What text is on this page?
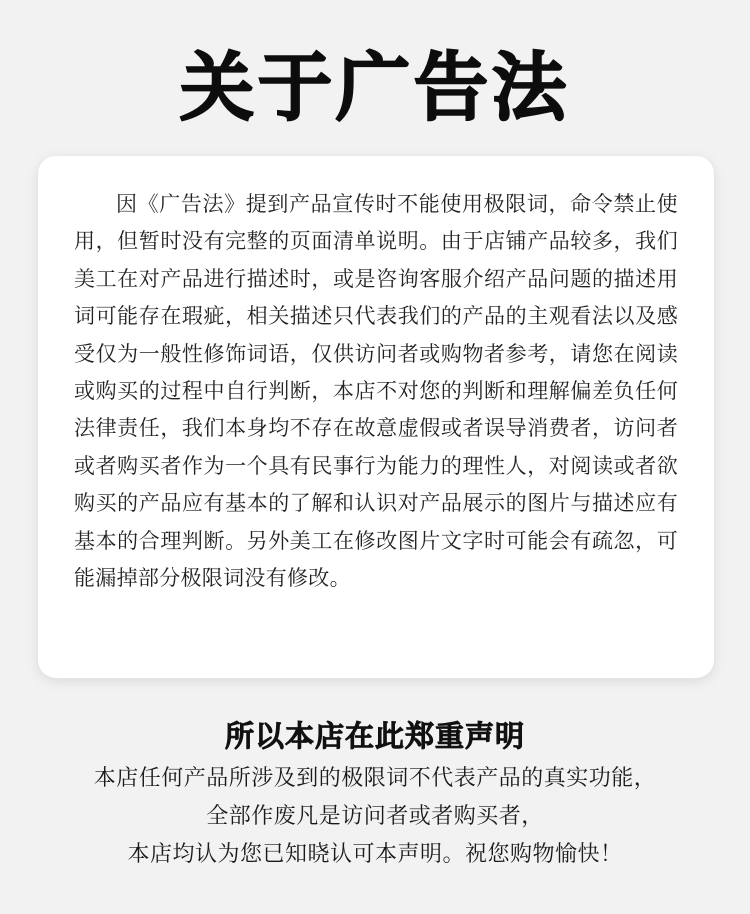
关于广告法

因《广告法》提到产品宣传时不能使用极限词，命令禁止使用，但暂时没有完整的页面清单说明。由于店铺产品较多，我们美工在对产品进行描述时，或是咨询客服介绍产品问题的描述用词可能存在瑕疵，相关描述只代表我们的产品的主观看法以及感受仅为一般性修饰词语，仅供访问者或购物者参考，请您在阅读或购买的过程中自行判断，本店不对您的判断和理解偏差负任何法律责任，我们本身均不存在故意虚假或者误导消费者，访问者或者购买者作为一个具有民事行为能力的理性人，对阅读或者欲购买的产品应有基本的了解和认识对产品展示的图片与描述应有基本的合理判断。另外美工在修改图片文字时可能会有疏忽，可能漏掉部分极限词没有修改。

所以本店在此郑重声明
本店任何产品所涉及到的极限词不代表产品的真实功能，
全部作废凡是访问者或者购买者，
本店均认为您已知晓认可本声明。祝您购物愉快！
